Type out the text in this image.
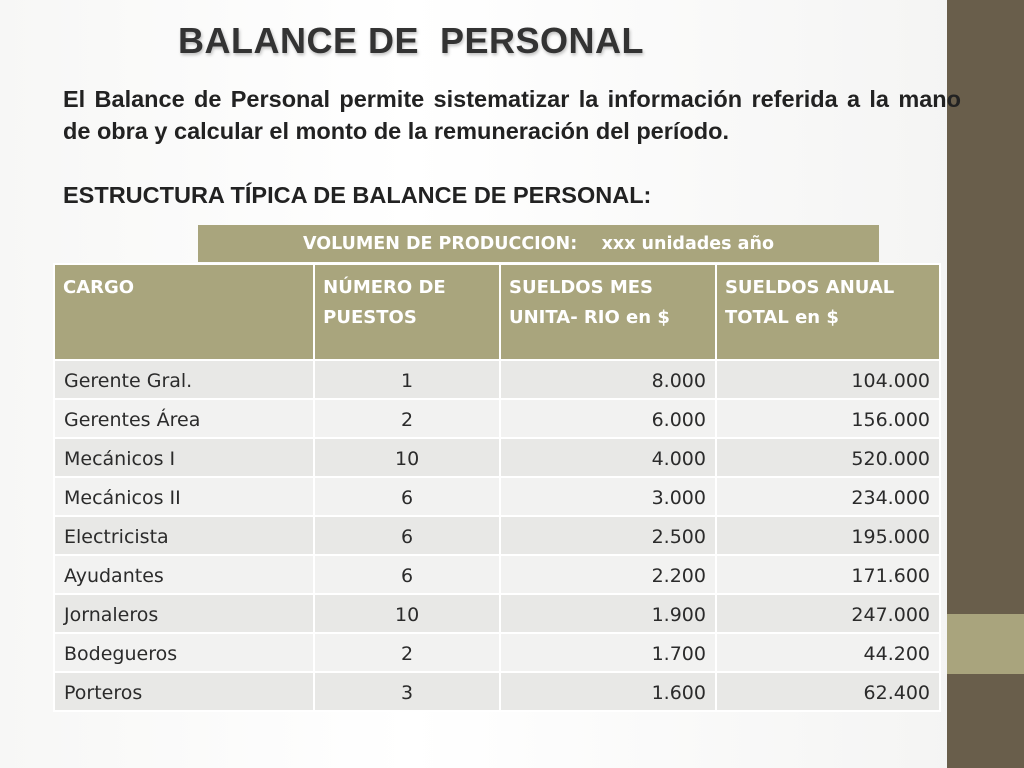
BALANCE DE  PERSONAL

El Balance de Personal permite sistematizar la información referida a la mano de obra y calcular el monto de la remuneración del período.

ESTRUCTURA TÍPICA DE BALANCE DE PERSONAL:

VOLUMEN DE PRODUCCION:    xxx unidades año
CARGO	NÚMERO DE PUESTOS	SUELDOS MES UNITA- RIO en $	SUELDOS ANUAL TOTAL en $
Gerente Gral.	1	8.000	104.000
Gerentes Área	2	6.000	156.000
Mecánicos I	10	4.000	520.000
Mecánicos II	6	3.000	234.000
Electricista	6	2.500	195.000
Ayudantes	6	2.200	171.600
Jornaleros	10	1.900	247.000
Bodegueros	2	1.700	44.200
Porteros	3	1.600	62.400
